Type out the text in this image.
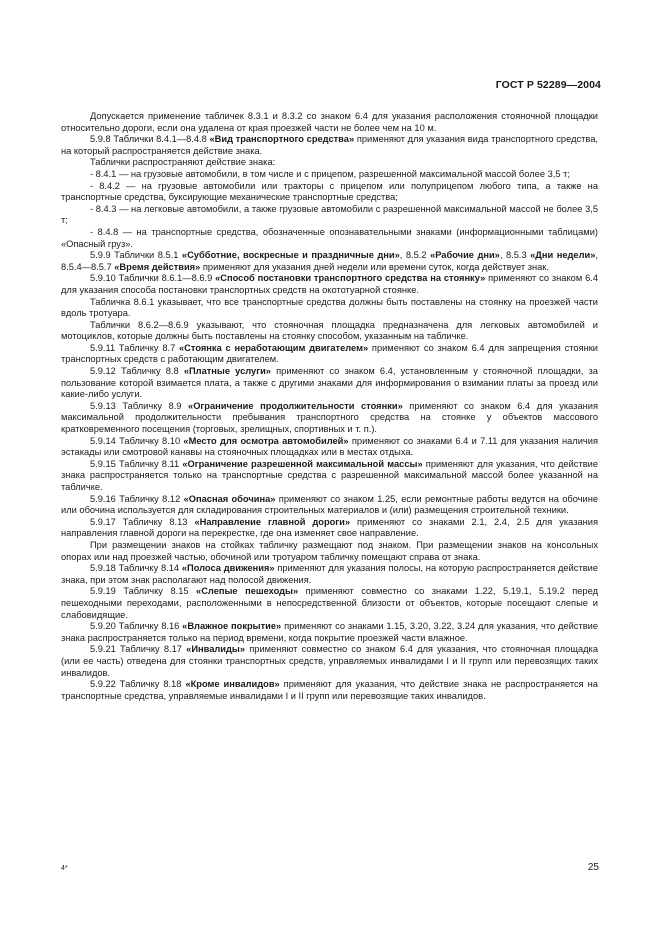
ГОСТ Р 52289—2004

Допускается применение табличек 8.3.1 и 8.3.2 со знаком 6.4 для указания расположения стояночной площадки относительно дороги, если она удалена от края проезжей части не более чем на 10 м.

5.9.8 Таблички 8.4.1—8.4.8 «Вид транспортного средства» применяют для указания вида транспортного средства, на который распространяется действие знака.

Таблички распространяют действие знака:

- 8.4.1 — на грузовые автомобили, в том числе и с прицепом, разрешенной максимальной массой более 3,5 т;

- 8.4.2 — на грузовые автомобили или тракторы с прицепом или полуприцепом любого типа, а также на транспортные средства, буксирующие механические транспортные средства;

- 8.4.3 — на легковые автомобили, а также грузовые автомобили с разрешенной максимальной массой не более 3,5 т;

- 8.4.8 — на транспортные средства, обозначенные опознавательными знаками (информационными таблицами) «Опасный груз».

5.9.9 Таблички 8.5.1 «Субботние, воскресные и праздничные дни», 8.5.2 «Рабочие дни», 8.5.3 «Дни недели», 8.5.4—8.5.7 «Время действия» применяют для указания дней недели или времени суток, когда действует знак.

5.9.10 Таблички 8.6.1—8.6.9 «Способ постановки транспортного средства на стоянку» применяют со знаком 6.4 для указания способа постановки транспортных средств на окототуарной стоянке.

Табличка 8.6.1 указывает, что все транспортные средства должны быть поставлены на стоянку на проезжей части вдоль тротуара.

Таблички 8.6.2—8.6.9 указывают, что стояночная площадка предназначена для легковых автомобилей и мотоциклов, которые должны быть поставлены на стоянку способом, указанным на табличке.

5.9.11 Табличку 8.7 «Стоянка с неработающим двигателем» применяют со знаком 6.4 для запрещения стоянки транспортных средств с работающим двигателем.

5.9.12 Табличку 8.8 «Платные услуги» применяют со знаком 6.4, установленным у стояночной площадки, за пользование которой взимается плата, а также с другими знаками для информирования о взимании платы за проезд или какие-либо услуги.

5.9.13 Табличку 8.9 «Ограничение продолжительности стоянки» применяют со знаком 6.4 для указания максимальной продолжительности пребывания транспортного средства на стоянке у объектов массового кратковременного посещения (торговых, зрелищных, спортивных и т. п.).

5.9.14 Табличку 8.10 «Место для осмотра автомобилей» применяют со знаками 6.4 и 7.11 для указания наличия эстакады или смотровой канавы на стояночных площадках или в местах отдыха.

5.9.15 Табличку 8.11 «Ограничение разрешенной максимальной массы» применяют для указания, что действие знака распространяется только на транспортные средства с разрешенной максимальной массой более указанной на табличке.

5.9.16 Табличку 8.12 «Опасная обочина» применяют со знаком 1.25, если ремонтные работы ведутся на обочине или обочина используется для складирования строительных материалов и (или) размещения строительной техники.

5.9.17 Табличку 8.13 «Направление главной дороги» применяют со знаками 2.1, 2.4, 2.5 для указания направления главной дороги на перекрестке, где она изменяет свое направление.

При размещении знаков на стойках табличку размещают под знаком. При размещении знаков на консольных опорах или над проезжей частью, обочиной или тротуаром табличку помещают справа от знака.

5.9.18 Табличку 8.14 «Полоса движения» применяют для указания полосы, на которую распространяется действие знака, при этом знак располагают над полосой движения.

5.9.19 Табличку 8.15 «Слепые пешеходы» применяют совместно со знаками 1.22, 5.19.1, 5.19.2 перед пешеходными переходами, расположенными в непосредственной близости от объектов, которые посещают слепые и слабовидящие.

5.9.20 Табличку 8.16 «Влажное покрытие» применяют со знаками 1.15, 3.20, 3.22, 3.24 для указания, что действие знака распространяется только на период времени, когда покрытие проезжей части влажное.

5.9.21 Табличку 8.17 «Инвалиды» применяют совместно со знаком 6.4 для указания, что стояночная площадка (или ее часть) отведена для стоянки транспортных средств, управляемых инвалидами I и II групп или перевозящих таких инвалидов.

5.9.22 Табличку 8.18 «Кроме инвалидов» применяют для указания, что действие знака не распространяется на транспортные средства, управляемые инвалидами I и II групп или перевозящие таких инвалидов.

4*	25
